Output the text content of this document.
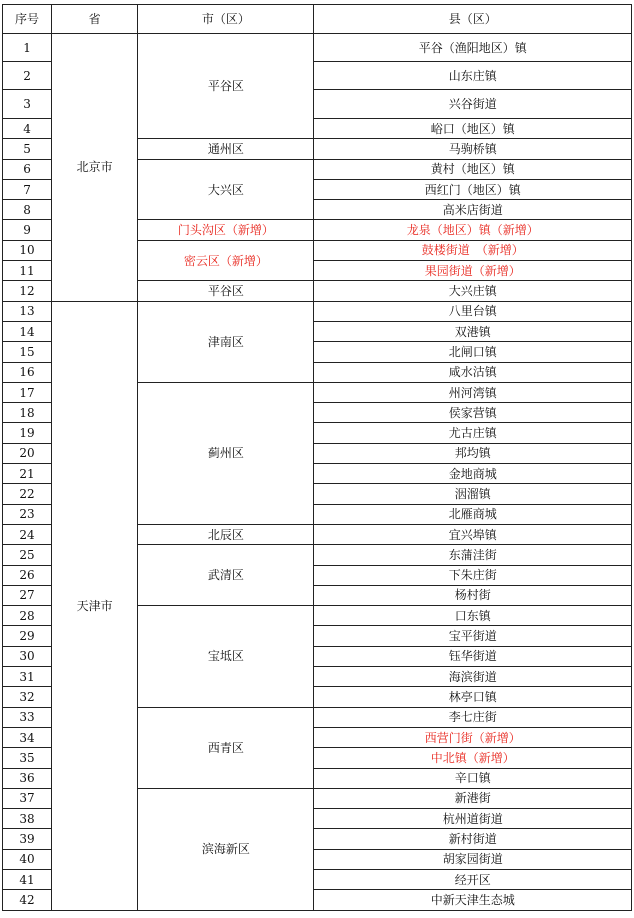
序号	省	市（区）	县（区）
1	北京市	平谷区	平谷（渔阳地区）镇
2			山东庄镇
3			兴谷街道
4			峪口（地区）镇
5		通州区	马驹桥镇
6		大兴区	黄村（地区）镇
7			西红门（地区）镇
8			高米店街道
9		门头沟区（新增）	龙泉（地区）镇（新增）
10		密云区（新增）	鼓楼街道　（新增）
11			果园街道（新增）
12		平谷区	大兴庄镇
13	天津市	津南区	八里台镇
14			双港镇
15			北闸口镇
16			咸水沽镇
17		蓟州区	州河湾镇
18			侯家营镇
19			尤古庄镇
20			邦均镇
21			金地商城
22			洇溜镇
23			北雁商城
24		北辰区	宜兴埠镇
25		武清区	东蒲洼街
26			下朱庄街
27			杨村街
28		宝坻区	口东镇
29			宝平街道
30			钰华街道
31			海滨街道
32			林亭口镇
33		西青区	李七庄街
34			西营门街（新增）
35			中北镇（新增）
36			辛口镇
37		滨海新区	新港街
38			杭州道街道
39			新村街道
40			胡家园街道
41			经开区
42			中新天津生态城
